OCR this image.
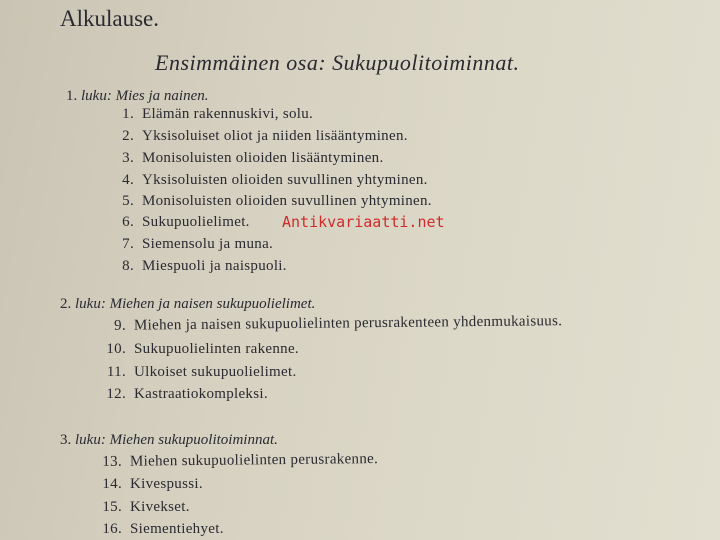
Alkulause.
Ensimmäinen osa: Sukupuolitoiminnat.
1. luku: Mies ja nainen.
1. Elämän rakennuskivi, solu.
2. Yksisoluiset oliot ja niiden lisääntyminen.
3. Monisoluisten olioiden lisääntyminen.
4. Yksisoluisten olioiden suvullinen yhtyminen.
5. Monisoluisten olioiden suvullinen yhtyminen.
6. Sukupuolielimet.
7. Siemensolu ja muna.
8. Miespuoli ja naispuoli.
2. luku: Miehen ja naisen sukupuolielimet.
9. Miehen ja naisen sukupuolielinten perusrakenteen yhdenmukaisuus.
10. Sukupuolielinten rakenne.
11. Ulkoiset sukupuolielimet.
12. Kastraatiokompleksi.
3. luku: Miehen sukupuolitoiminnat.
13. Miehen sukupuolielinten perusrakenne.
14. Kivespussi.
15. Kivekset.
16. Siementiehyet.
Antikvariaatti.net
